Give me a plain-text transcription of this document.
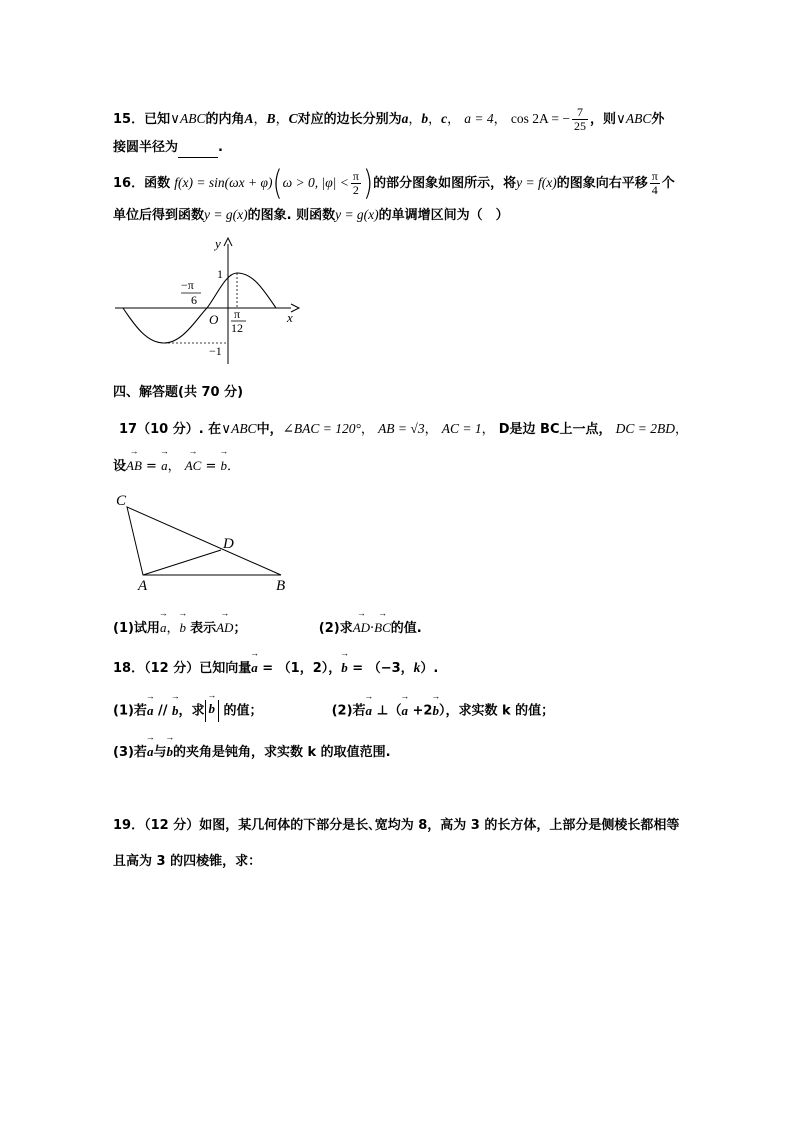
15．已知∨ABC的内角A，B，C对应的边长分别为a，b，c， a = 4， cos 2A = − $\frac{7}{25}$ ，则∨ABC外
接圆半径为	.
16．函数 f(x) = sin(ωx + φ)(ω > 0, $|\varphi| < \frac{\pi}{2}$ )的部分图象如图所示，将y = f(x)的图象向右平移 $\frac{\pi}{4}$ 个
单位后得到函数y = g(x)的图象. 则函数y = g(x)的单调增区间为（　）
y
x
O
1
−1
−π
6
π
12
四、解答题(共 70 分)
17（10 分）. 在∨ABC中，∠BAC = 120°， AB = √3， AC = 1， D是边 BC上一点， DC = 2BD，
设→ AB = → a， → AC = → b．
C
D
A	B
(1)试用→ a，→ b 表示→ AD；	(2)求→ AD·→ BC的值.
18．（12 分）已知向量→ a = （1，2），→ b = （−3，k）.
(1)若→ a // → b，求→ b 的值；	(2)若→ a ⊥（→ a +2→ b），求实数 k 的值；
(3)若→ a与→ b的夹角是钝角，求实数 k 的取值范围.
19．（12 分）如图，某几何体的下部分是长､宽均为 8，高为 3 的长方体，上部分是侧棱长都相等
且高为 3 的四棱锥，求：
